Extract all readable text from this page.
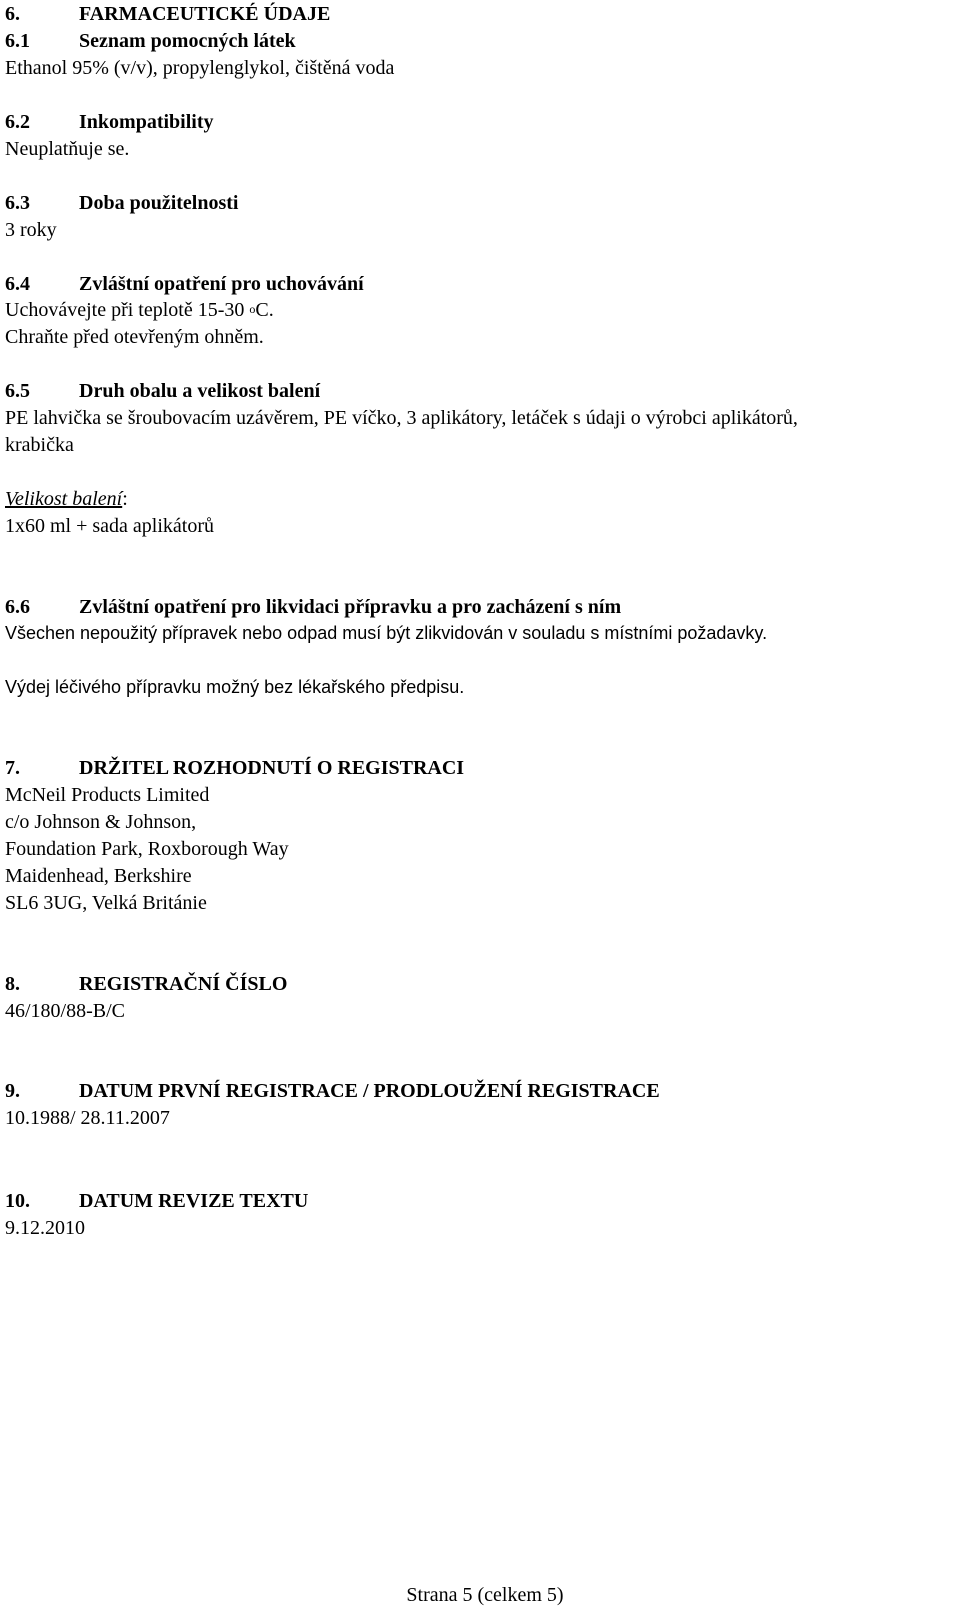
6.	FARMACEUTICKÉ ÚDAJE
6.1 Seznam pomocných látek
Ethanol 95% (v/v), propylenglykol, čištěná voda
6.2 Inkompatibility
Neuplatňuje se.
6.3 Doba použitelnosti
3 roky
6.4 Zvláštní opatření pro uchovávání
Uchovávejte při teplotě 15-30 $^o$C.
Chraňte před otevřeným ohněm.
6.5 Druh obalu a velikost balení
PE lahvička se šroubovacím uzávěrem, PE víčko, 3 aplikátory, letáček s údaji o výrobci aplikátorů,
krabička
Velikost balení:
1x60 ml + sada aplikátorů
6.6 Zvláštní opatření pro likvidaci přípravku a pro zacházení s ním
Všechen nepoužitý přípravek nebo odpad musí být zlikvidován v souladu s místními požadavky.
Výdej léčivého přípravku možný bez lékařského předpisu.
7.	DRŽITEL ROZHODNUTÍ O REGISTRACI
McNeil Products Limited
c/o Johnson & Johnson,
Foundation Park, Roxborough Way
Maidenhead, Berkshire
SL6 3UG, Velká Británie
8.	REGISTRAČNÍ ČÍSLO
46/180/88-B/C
9.	DATUM PRVNÍ REGISTRACE / PRODLOUŽENÍ REGISTRACE
10.1988/ 28.11.2007
10. DATUM REVIZE TEXTU
9.12.2010
Strana 5 (celkem 5)
